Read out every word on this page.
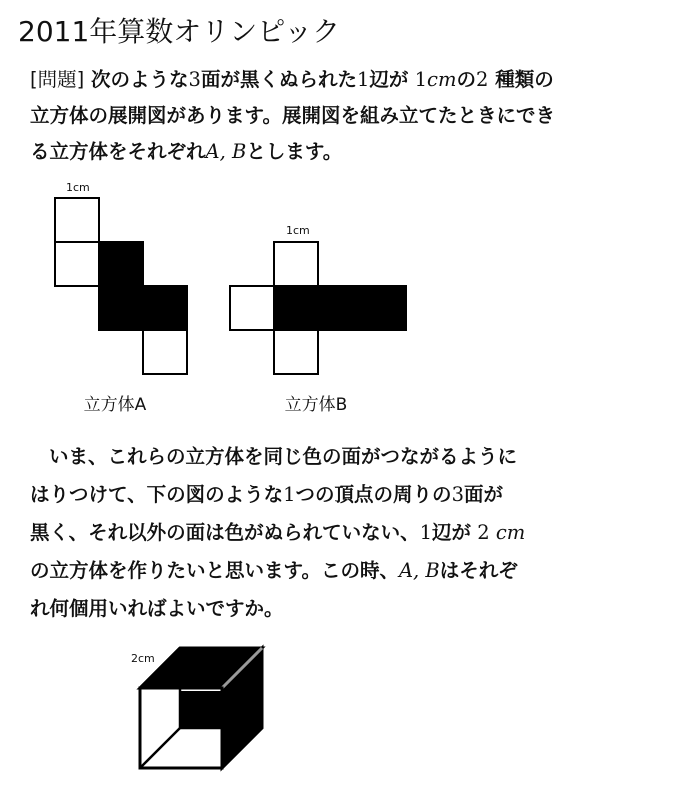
2011年算数オリンピック
[問題] 次のような3面が黒くぬられた1辺が 1cmの2 種類の
立方体の展開図があります。展開図を組み立てたときにでき
る立方体をそれぞれA, Bとします。
1cm
立方体A
1cm
立方体B
2cm
いま、これらの立方体を同じ色の面がつながるように
はりつけて、下の図のような1つの頂点の周りの3面が
黒く、それ以外の面は色がぬられていない、1辺が 2 cm
の立方体を作りたいと思います。この時、A, Bはそれぞ
れ何個用いればよいですか。
